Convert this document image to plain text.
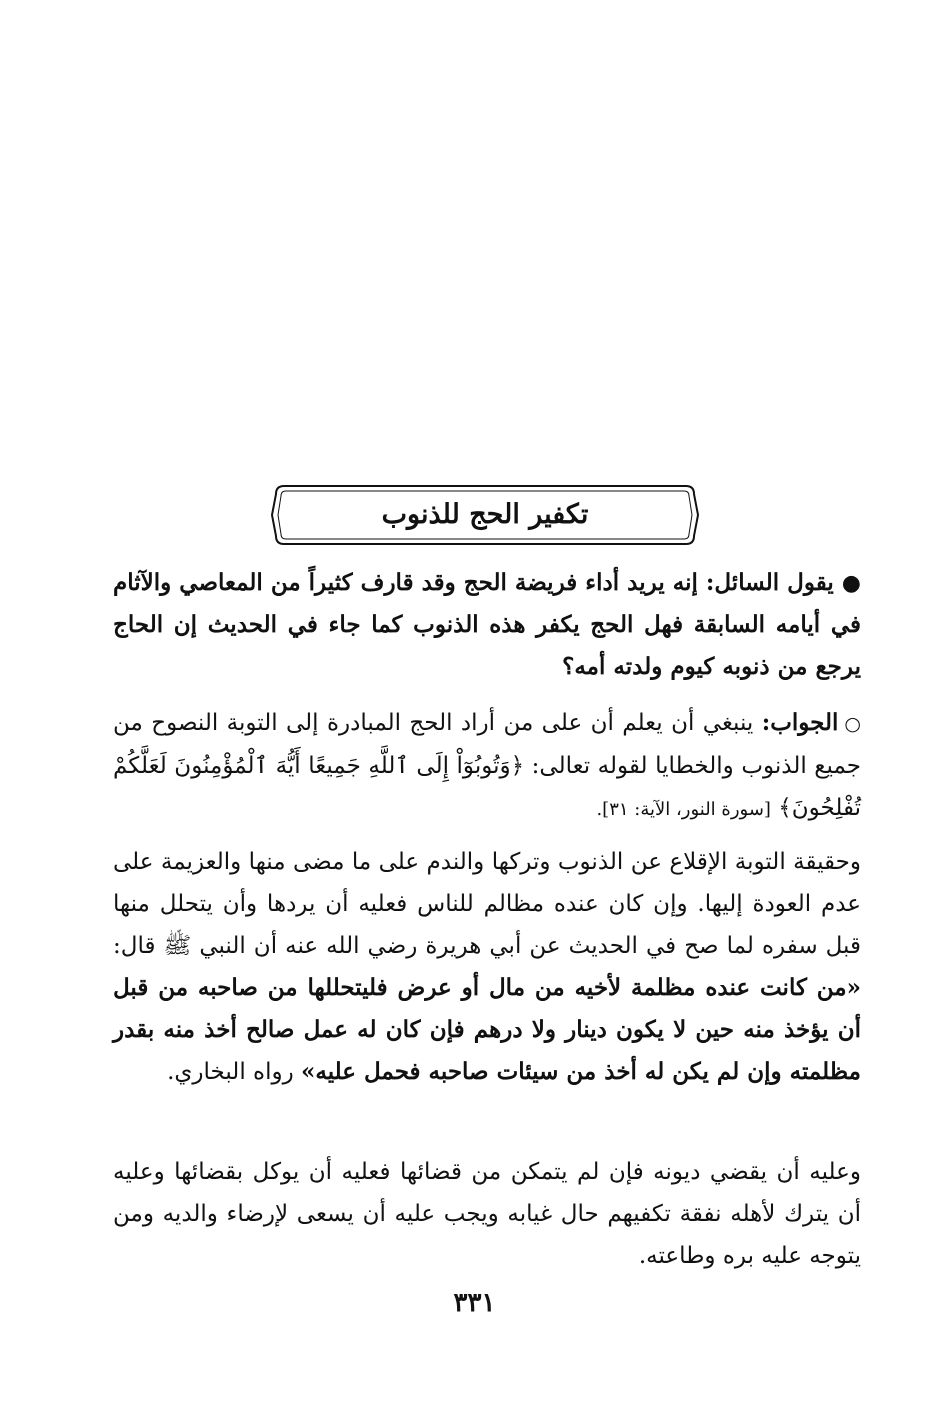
تكفير الحج للذنوب
●يقول السائل: إنه يريد أداء فريضة الحج وقد قارف كثيراً من المعاصي والآثام في أيامه السابقة فهل الحج يكفر هذه الذنوب كما جاء في الحديث إن الحاج يرجع من ذنوبه كيوم ولدته أمه؟
○الجواب: ينبغي أن يعلم أن على من أراد الحج المبادرة إلى التوبة النصوح من جميع الذنوب والخطايا لقوله تعالى: ﴿وَتُوبُوٓاْ إِلَى ٱللَّهِ جَمِيعًا أَيُّهَ ٱلْمُؤْمِنُونَ لَعَلَّكُمْ تُفْلِحُونَ﴾ [سورة النور، الآية: ٣١].
وحقيقة التوبة الإقلاع عن الذنوب وتركها والندم على ما مضى منها والعزيمة على عدم العودة إليها. وإن كان عنده مظالم للناس فعليه أن يردها وأن يتحلل منها قبل سفره لما صح في الحديث عن أبي هريرة رضي الله عنه أن النبي ﷺ قال: «من كانت عنده مظلمة لأخيه من مال أو عرض فليتحللها من صاحبه من قبل أن يؤخذ منه حين لا يكون دينار ولا درهم فإن كان له عمل صالح أخذ منه بقدر مظلمته وإن لم يكن له أخذ من سيئات صاحبه فحمل عليه» رواه البخاري.
وعليه أن يقضي ديونه فإن لم يتمكن من قضائها فعليه أن يوكل بقضائها وعليه أن يترك لأهله نفقة تكفيهم حال غيابه ويجب عليه أن يسعى لإرضاء والديه ومن يتوجه عليه بره وطاعته.
٣٣١
